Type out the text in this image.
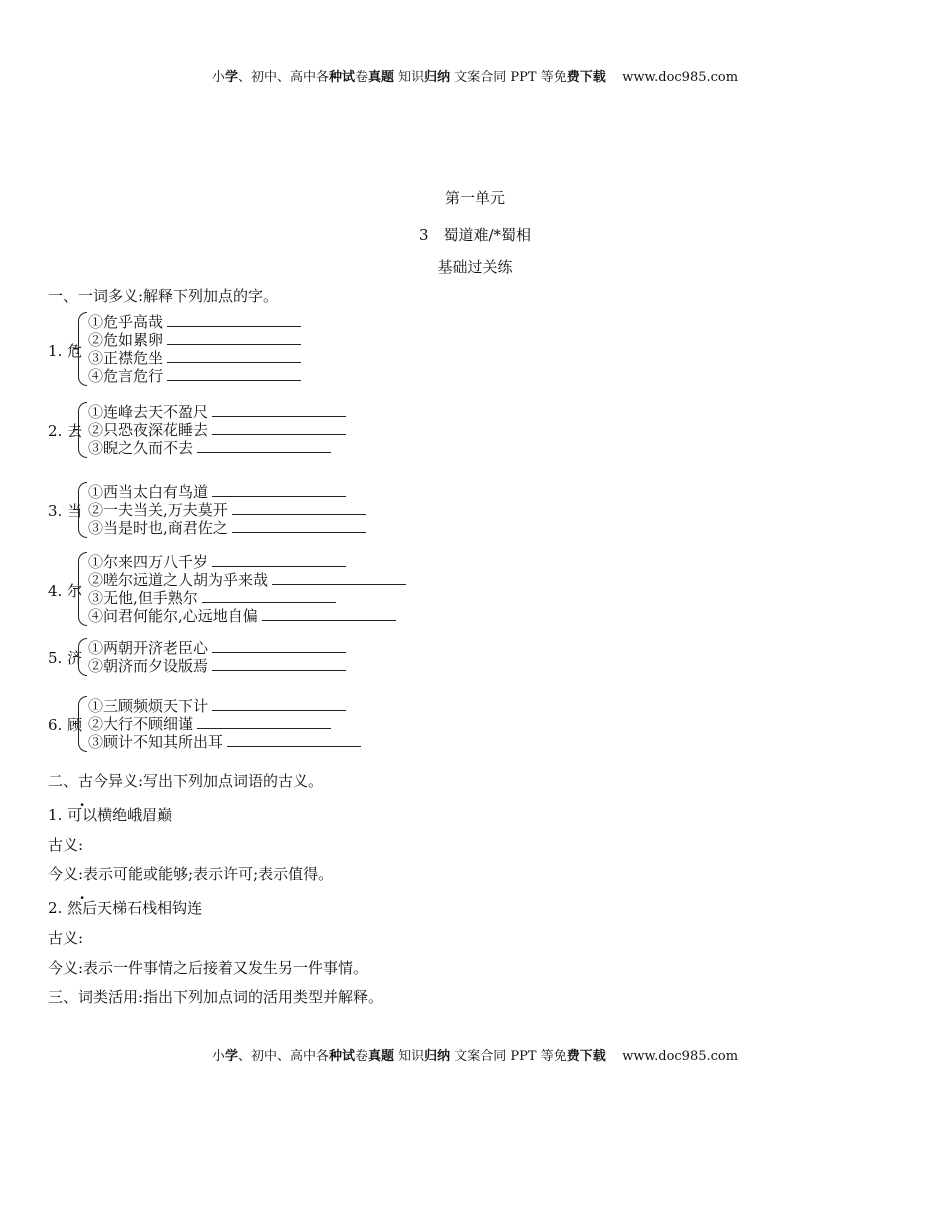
小学、初中、高中各种试卷真题 知识归纳 文案合同 PPT 等免费下载    www.doc985.com
小学、初中、高中各种试卷真题 知识归纳 文案合同 PPT 等免费下载    www.doc985.com
第一单元
3　蜀道难/*蜀相
基础过关练
一、一词多义:解释下列加点的字。
1. 危
①危乎高哉
②危如累卵
③正襟危坐
④危言危行
2. 去
①连峰去天不盈尺
②只恐夜深花睡去
③睨之久而不去
3. 当
①西当太白有鸟道
②一夫当关,万夫莫开
③当是时也,商君佐之
4. 尔
①尔来四万八千岁
②嗟尔远道之人胡为乎来哉
③无他,但手熟尔
④问君何能尔,心远地自偏
5. 济
①两朝开济老臣心
②朝济而夕设版焉
6. 顾
①三顾频烦天下计
②大行不顾细谨
③顾计不知其所出耳
二、古今异义:写出下列加点词语的古义。
1. 可以横绝峨眉巅
古义:
今义:表示可能或能够;表示许可;表示值得。
2. 然后天梯石栈相钩连
古义:
今义:表示一件事情之后接着又发生另一件事情。
三、词类活用:指出下列加点词的活用类型并解释。
